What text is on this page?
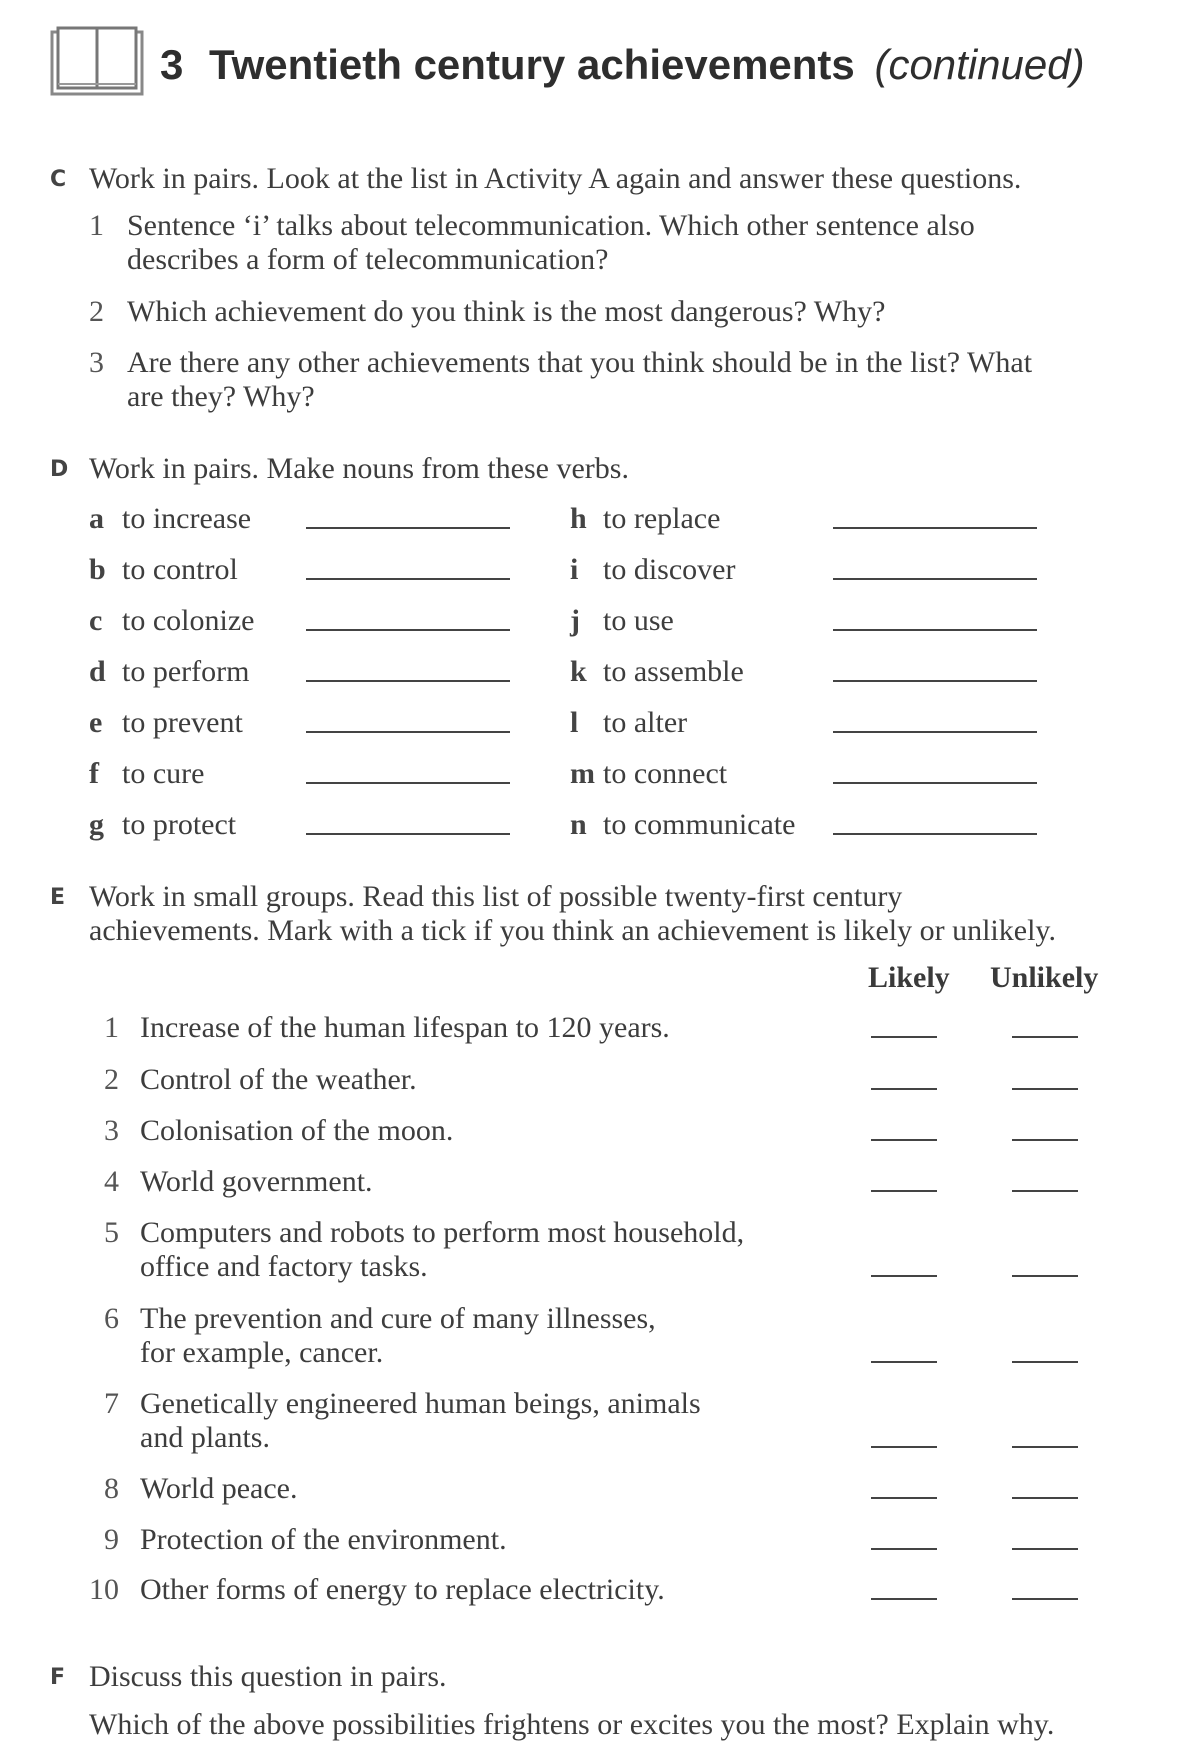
3 Twentieth century achievements (continued)
C Work in pairs. Look at the list in Activity A again and answer these questions.
1 Sentence ‘i’ talks about telecommunication. Which other sentence also
describes a form of telecommunication?
2 Which achievement do you think is the most dangerous? Why?
3 Are there any other achievements that you think should be in the list? What
are they? Why?
D Work in pairs. Make nouns from these verbs.
a to increase
b to control
c to colonize
d to perform
e to prevent
f to cure
g to protect
h to replace
i to discover
j to use
k to assemble
l to alter
m to connect
n to communicate
E Work in small groups. Read this list of possible twenty-first century
achievements. Mark with a tick if you think an achievement is likely or unlikely.
Likely Unlikely
1 Increase of the human lifespan to 120 years.
2 Control of the weather.
3 Colonisation of the moon.
4 World government.
5 Computers and robots to perform most household,
office and factory tasks.
6 The prevention and cure of many illnesses,
for example, cancer.
7 Genetically engineered human beings, animals
and plants.
8 World peace.
9 Protection of the environment.
10 Other forms of energy to replace electricity.
F Discuss this question in pairs.
Which of the above possibilities frightens or excites you the most? Explain why.
